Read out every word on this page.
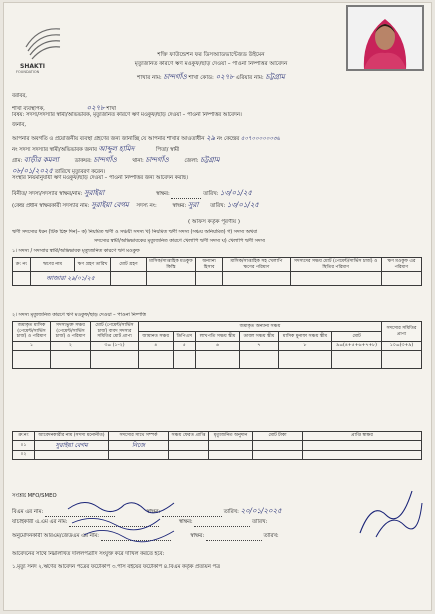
SHAKTI
FOUNDATION
শক্তি ফাউন্ডেশন ফর ডিসঅ্যাডভান্টেজড উইমেন
মৃত্যুজনিত কারণে ঋণ মওকুফ/ছাড় দেওয়া – পাওনা নিষ্পত্তির আবেদন
শাখার নাম: চান্দগাঁও শাখা কোড: ০২৭৮ এরিয়ার নাম: চট্টগ্রাম
বরাবর,
শাখা ব্যবস্থাপক,	০২৭৮ শাখা
বিষয়: সদস্য/সদস্যার স্বামী/অভিভাবক, মৃত্যুজনিত কারণে ঋণ মওকুফ/ছাড় দেওয়া – পাওনা নিষ্পত্তির আবেদন।
জনাব,
আপনার অবগতি ও প্রয়োজনীয় ব্যবস্থা গ্রহণের জন্য জানাচ্ছি যে আপনার শাখার আওতাধীন ২৯ নং কেন্দ্রের ৫০৭০০০০০০৩৬
নং সদস্য সদস্যার স্বামী/অভিভাবক জনাব আব্দুল হামিদ	পিতা/ স্বামী
গ্রাম: বাড়ীর কমলা	ডাকঘর: চান্দগাঁও	থানা: চান্দগাঁও	জেলা: চট্টগ্রাম
০৮/০১/২০২৫ তারিখে মৃত্যুবরণ করেন।
সংস্থার নিয়মানুযায়ী ঋণ মওকুফ/ছাড় দেওয়া – পাওনা নিষ্পত্তির জন্য আবেদন করছি।
বিনীত/ সদস্য/সদস্যার স্বাক্ষর/নাম: সুরাইয়া	স্বাক্ষর:	তারিখ: ১৩/০১/২৫
(কেন্দ্র প্রধান স্বাক্ষরকারী সদস্যার নাম: সুরাইয়া বেগম সদস্য নং:	স্বাক্ষর: সুরা তারিখ: ১৩/০১/২৫
( অফিস কর্তৃক পূরণীয় )
ঋণী সদস্যের ধরন (টিক চিহ্ন দিন)– ক) নিয়মিত ঋণী ও সঞ্চয়ী সদস্য খ) নিয়মিত ঋণী সদস্য (সঞ্চয় অনিয়মিত) গ) সদস্য অথবা
সদস্যের স্বামী/অভিভাবকের মৃত্যুজনিত কারণে খেলাপি ঋণী সদস্য ঘ) খেলাপি ঋণী সদস্য
১। সদস্য / সদস্যার স্বামী/অভিভাবক মৃত্যুজনিত কারণে ঋণ মওকুফ
ক্র: নং	ঋণের নাম	ঋণ গ্রহণ তারিখ	মোট গ্রহণ	মাসিক/সাপ্তাহিক মওকুফ কিস্তি	অন্যান্য হিসাব	মাসিক/সাপ্তাহিক সহ খেলাপি ঋণের পরিমাণ	সদস্যদের সঞ্চয় মোট (পেমেন্ট/সার্ভিস চার্জ) ও স্থিতির পরিমাণ	ঋণ মওকুফ এর পরিমাণ
	আজারা ২৯/০১/২৫							
২। সদস্য মৃত্যুজনিত কারণে ঋণ মওকুফ/ছাড় দেওয়া – পাওনা নিষ্পত্তি
জমাকৃত মাসিক (পেমেন্ট/সার্ভিস চার্জ) ও পরিমাণ	সদস্যভুক্ত সঞ্চয় (পেমেন্ট/সার্ভিস চার্জ) ও পরিমাণ	মোট (পেমেন্ট/সার্ভিস চার্জ) বাবদ সদস্যর সমিতির মোট প্রাপ্য	জমাকৃত অন্যান্য সঞ্চয়						সদস্যের সমিতির প্রাপ্য
			জামানত সঞ্চয়	ডিপিএস	লাখপতি সঞ্চয় স্কীম	ডাবল সঞ্চয় স্কীম	মাসিক মুনাফা সঞ্চয় স্কীম	মোট	
১	২	৩= (১–২)	৪	৫	৬	৭	৮	৯=(৪+৫+৬+৭+৮)	১০=(৩+৯)

ক্র:নং	আবেদনকারীর নাম (সদস্য মনোনীত)	সদস্যের সাথে সম্পর্ক	সঞ্চয় ফেরত প্রাপ্তি	মৃত্যুজনিত অনুদান	মোট টাকা	প্রাপ্তি স্বাক্ষর
০১	সুরাইয়া বেগম	নিজে				
০২						
সংশ্লিষ্ট MFO/SMEO
বিএম এর নাম:	স্বাক্ষর:	তারিখ: ২০/০১/২০২৫
যাচাইকারী এ.এম এর নাম:	স্বাক্ষর:	তারিখ:
অনুমোদনকারী আরএম/জেডএম এর নাম:	স্বাক্ষর:	তারিখ:
আবেদনের সাথে নিম্নলিখিত দলিলপত্রাদি সংযুক্ত করে দাখিল করতে হবে:
১.মৃত্যু সনদ ২.ঋণের আবেদন পত্রের ফটোকপি ৩.পাস বইয়ের ফটোকপি ৪.বিএম কর্তৃক প্রত্যয়ন পত্র
